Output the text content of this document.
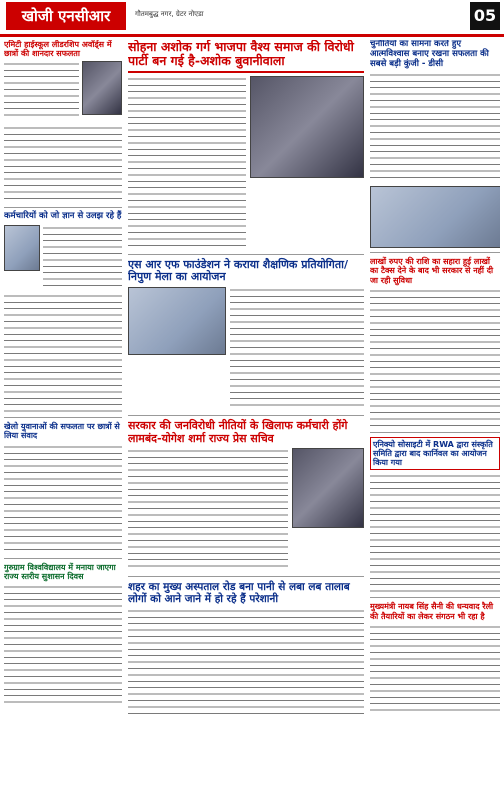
खोजी एनसीआर	गौतमबुद्ध नगर, ग्रेटर नोएडा	05
एमिटी हाईस्कूल लीडरशिप अवॉर्ड्स में छात्रों की शानदार सफलता
कर्मचारियों को जो ज्ञान से उलझ रहे हैं
खेलो युवानाओं की सफलता पर छात्रों से लिया संवाद
गुरुग्राम विश्वविद्यालय में मनाया जाएगा राज्य स्तरीय सुशासन दिवस
सोहना अशोक गर्ग भाजपा वैश्य समाज की विरोधी पार्टी बन गई है-अशोक बुवानीवाला
एस आर एफ फाउंडेशन ने कराया शैक्षणिक प्रतियोगिता/ निपुण मेला का आयोजन
सरकार की जनविरोधी नीतियों के खिलाफ कर्मचारी होंगे लामबंद-योगेश शर्मा राज्य प्रेस सचिव
शहर का मुख्य अस्पताल रोड बना पानी से लबा लब तालाब लोगों को आने जाने में हो रहे हैं परेशानी
चुनौतियों का सामना करते हुए आत्मविश्वास बनाए रखना सफलता की सबसे बड़ी कुंजी - डीसी
लाखों रुपए की राशि का सहारा हुई लाखों का टैक्स देने के बाद भी सरकार से नहीं दी जा रही सुविधा
एनिक्यो सोसाइटी में RWA द्वारा संस्कृति समिति द्वारा बाद कार्निवल का आयोजन किया गया
मुख्यमंत्री नायब सिंह सैनी की धन्यवाद रैली की तैयारियों का लेकर संगठन भी रहा है
